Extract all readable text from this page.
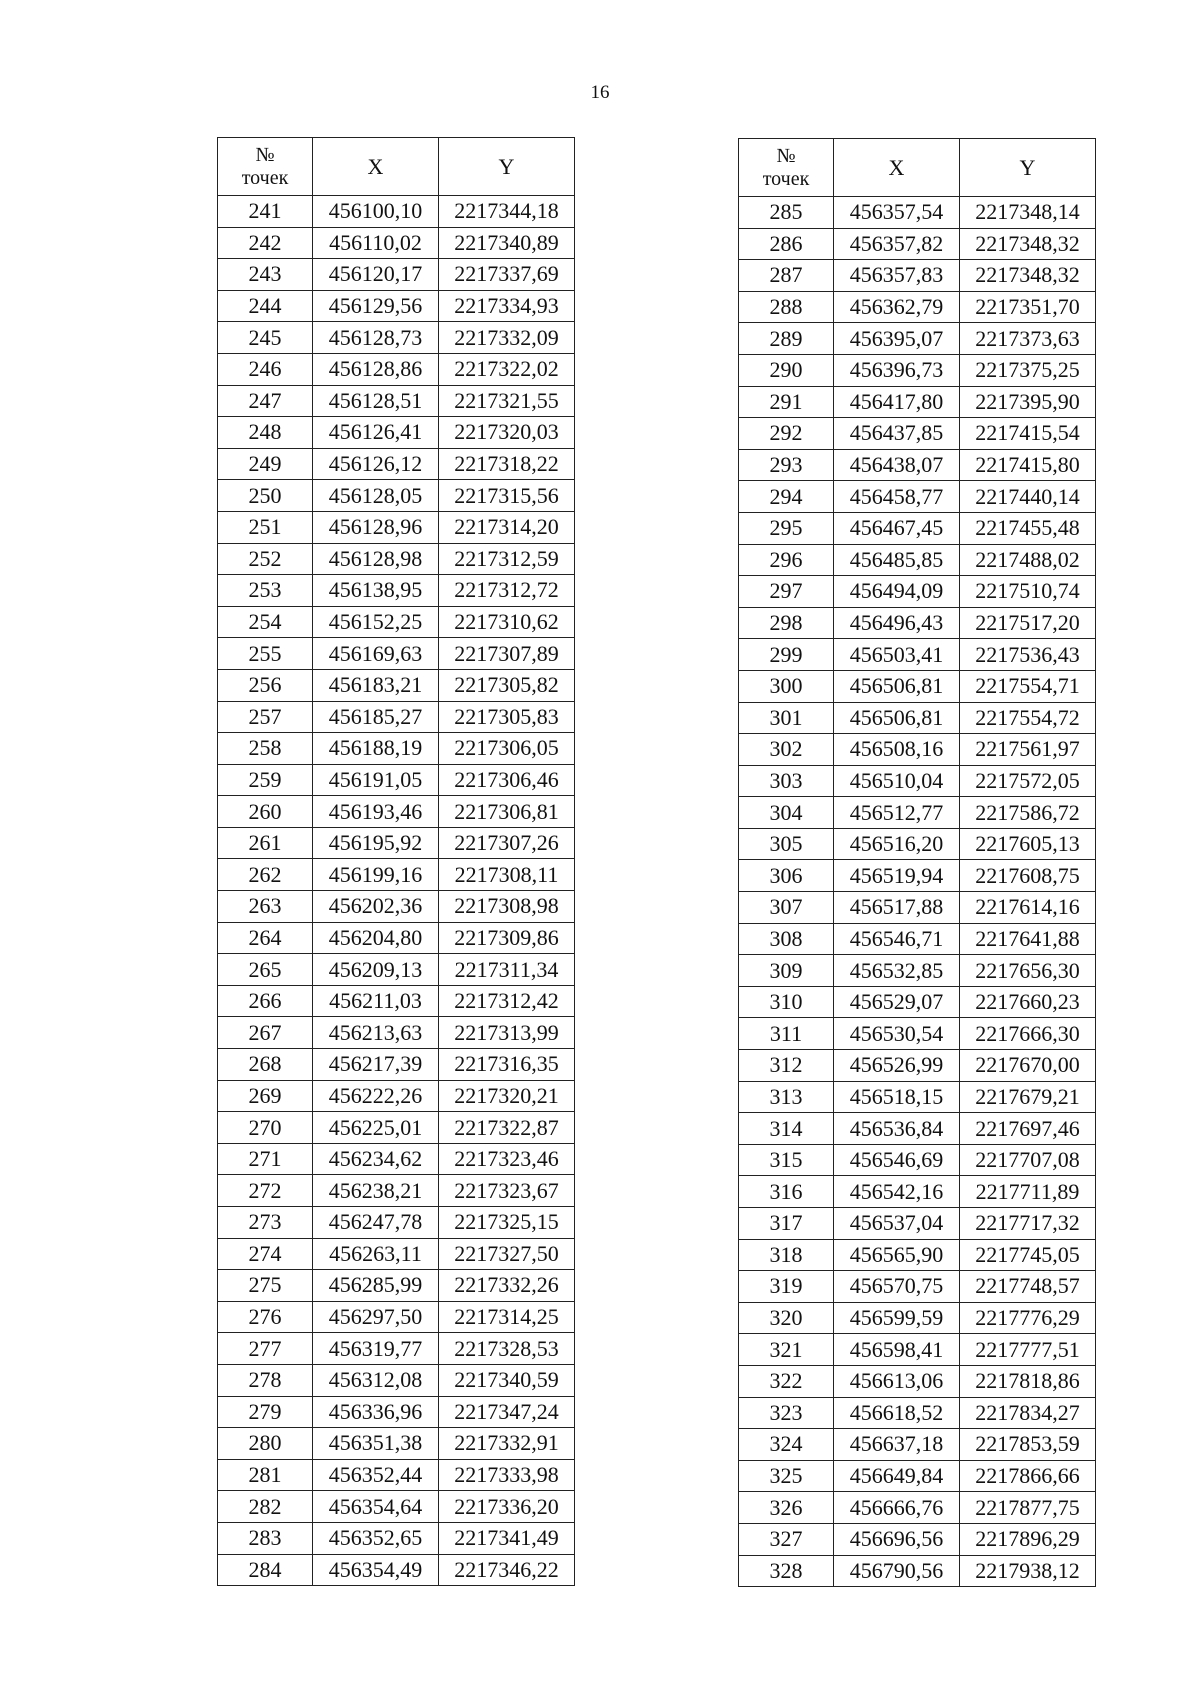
16
№
точек	X	Y
241	456100,10	2217344,18
242	456110,02	2217340,89
243	456120,17	2217337,69
244	456129,56	2217334,93
245	456128,73	2217332,09
246	456128,86	2217322,02
247	456128,51	2217321,55
248	456126,41	2217320,03
249	456126,12	2217318,22
250	456128,05	2217315,56
251	456128,96	2217314,20
252	456128,98	2217312,59
253	456138,95	2217312,72
254	456152,25	2217310,62
255	456169,63	2217307,89
256	456183,21	2217305,82
257	456185,27	2217305,83
258	456188,19	2217306,05
259	456191,05	2217306,46
260	456193,46	2217306,81
261	456195,92	2217307,26
262	456199,16	2217308,11
263	456202,36	2217308,98
264	456204,80	2217309,86
265	456209,13	2217311,34
266	456211,03	2217312,42
267	456213,63	2217313,99
268	456217,39	2217316,35
269	456222,26	2217320,21
270	456225,01	2217322,87
271	456234,62	2217323,46
272	456238,21	2217323,67
273	456247,78	2217325,15
274	456263,11	2217327,50
275	456285,99	2217332,26
276	456297,50	2217314,25
277	456319,77	2217328,53
278	456312,08	2217340,59
279	456336,96	2217347,24
280	456351,38	2217332,91
281	456352,44	2217333,98
282	456354,64	2217336,20
283	456352,65	2217341,49
284	456354,49	2217346,22
№
точек	X	Y
285	456357,54	2217348,14
286	456357,82	2217348,32
287	456357,83	2217348,32
288	456362,79	2217351,70
289	456395,07	2217373,63
290	456396,73	2217375,25
291	456417,80	2217395,90
292	456437,85	2217415,54
293	456438,07	2217415,80
294	456458,77	2217440,14
295	456467,45	2217455,48
296	456485,85	2217488,02
297	456494,09	2217510,74
298	456496,43	2217517,20
299	456503,41	2217536,43
300	456506,81	2217554,71
301	456506,81	2217554,72
302	456508,16	2217561,97
303	456510,04	2217572,05
304	456512,77	2217586,72
305	456516,20	2217605,13
306	456519,94	2217608,75
307	456517,88	2217614,16
308	456546,71	2217641,88
309	456532,85	2217656,30
310	456529,07	2217660,23
311	456530,54	2217666,30
312	456526,99	2217670,00
313	456518,15	2217679,21
314	456536,84	2217697,46
315	456546,69	2217707,08
316	456542,16	2217711,89
317	456537,04	2217717,32
318	456565,90	2217745,05
319	456570,75	2217748,57
320	456599,59	2217776,29
321	456598,41	2217777,51
322	456613,06	2217818,86
323	456618,52	2217834,27
324	456637,18	2217853,59
325	456649,84	2217866,66
326	456666,76	2217877,75
327	456696,56	2217896,29
328	456790,56	2217938,12
